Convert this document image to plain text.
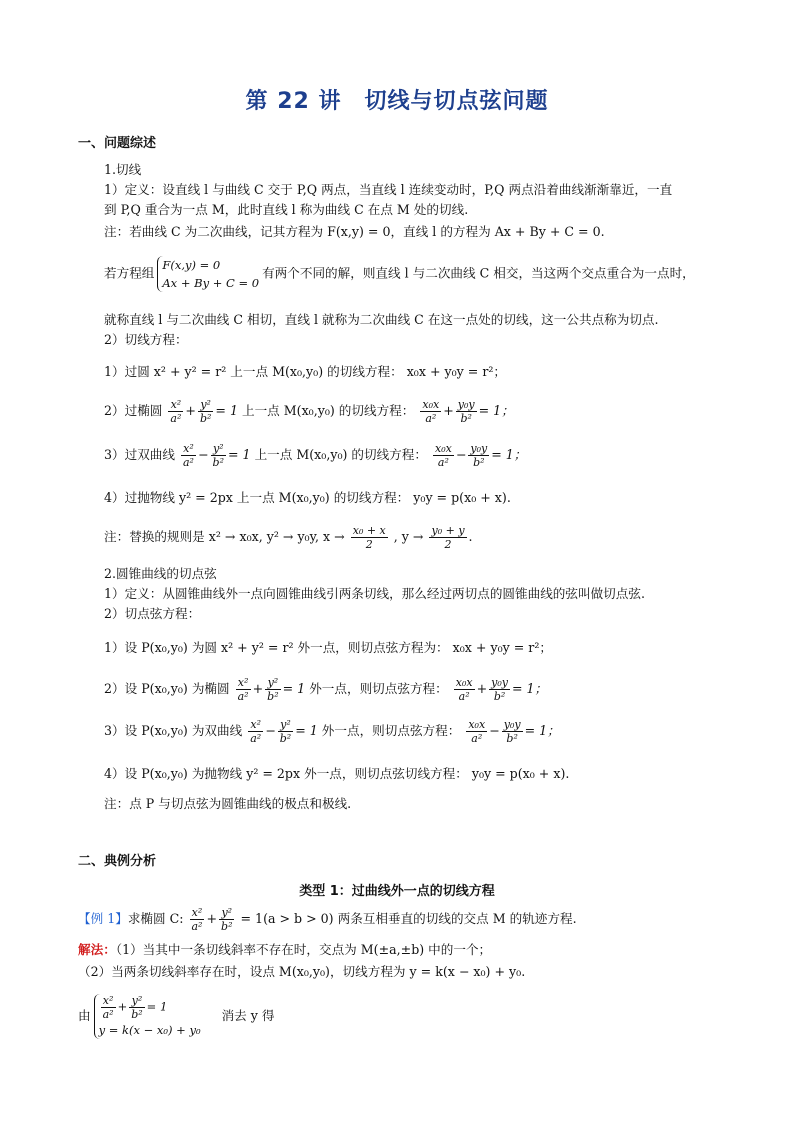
第 22 讲　切线与切点弦问题
一、问题综述
1.切线
1）定义：设直线 l 与曲线 C 交于 P,Q 两点，当直线 l 连续变动时，P,Q 两点沿着曲线渐渐靠近，一直
到 P,Q 重合为一点 M，此时直线 l 称为曲线 C 在点 M 处的切线.
注：若曲线 C 为二次曲线，记其方程为 F(x,y) = 0，直线 l 的方程为 Ax + By + C = 0.
若方程组
F(x,y) = 0
Ax + By + C = 0
有两个不同的解，则直线 l 与二次曲线 C 相交，当这两个交点重合为一点时，
就称直线 l 与二次曲线 C 相切，直线 l 就称为二次曲线 C 在这一点处的切线，这一公共点称为切点.
2）切线方程：
1）过圆 x² + y² = r² 上一点 M(x₀,y₀) 的切线方程： x₀x + y₀y = r²；
2）过椭圆 $\frac{\text{x²}}{\text{a²}} + \frac{\text{y²}}{\text{b²}} = 1$ 上一点 M(x₀,y₀) 的切线方程： $\frac{\text{x₀x}}{\text{a²}} + \frac{\text{y₀y}}{\text{b²}} = 1$；
3）过双曲线 $\frac{\text{x²}}{\text{a²}} - \frac{\text{y²}}{\text{b²}} = 1$ 上一点 M(x₀,y₀) 的切线方程： $\frac{\text{x₀x}}{\text{a²}} - \frac{\text{y₀y}}{\text{b²}} = 1$；
4）过抛物线 y² = 2px 上一点 M(x₀,y₀) 的切线方程： y₀y = p(x₀ + x).
注：替换的规则是 x² → x₀x, y² → y₀y, $x \to \frac{\text{x₀ + x}}{2}$ , $y \to \frac{\text{y₀ + y}}{2}$ .
2.圆锥曲线的切点弦
1）定义：从圆锥曲线外一点向圆锥曲线引两条切线，那么经过两切点的圆锥曲线的弦叫做切点弦.
2）切点弦方程：
1）设 P(x₀,y₀) 为圆 x² + y² = r² 外一点，则切点弦方程为： x₀x + y₀y = r²；
2）设 P(x₀,y₀) 为椭圆 $\frac{\text{x²}}{\text{a²}} + \frac{\text{y²}}{\text{b²}} = 1$ 外一点，则切点弦方程： $\frac{\text{x₀x}}{\text{a²}} + \frac{\text{y₀y}}{\text{b²}} = 1$；
3）设 P(x₀,y₀) 为双曲线 $\frac{\text{x²}}{\text{a²}} - \frac{\text{y²}}{\text{b²}} = 1$ 外一点，则切点弦方程： $\frac{\text{x₀x}}{\text{a²}} - \frac{\text{y₀y}}{\text{b²}} = 1$；
4）设 P(x₀,y₀) 为抛物线 y² = 2px 外一点，则切点弦切线方程： y₀y = p(x₀ + x).
注：点 P 与切点弦为圆锥曲线的极点和极线.
二、典例分析
类型 1：过曲线外一点的切线方程
【例 1】求椭圆 C: $\frac{\text{x²}}{\text{a²}} + \frac{\text{y²}}{\text{b²}} = 1(a > b > 0)$ 两条互相垂直的切线的交点 M 的轨迹方程.
解法：（1）当其中一条切线斜率不存在时，交点为 M(±a,±b) 中的一个；
（2）当两条切线斜率存在时，设点 M(x₀,y₀)，切线方程为 y = k(x − x₀) + y₀.
由 $\frac{\text{x²}}{\text{a²}} + \frac{\text{y²}}{\text{b²}} = 1$
y = k(x − x₀) + y₀
消去 y 得
